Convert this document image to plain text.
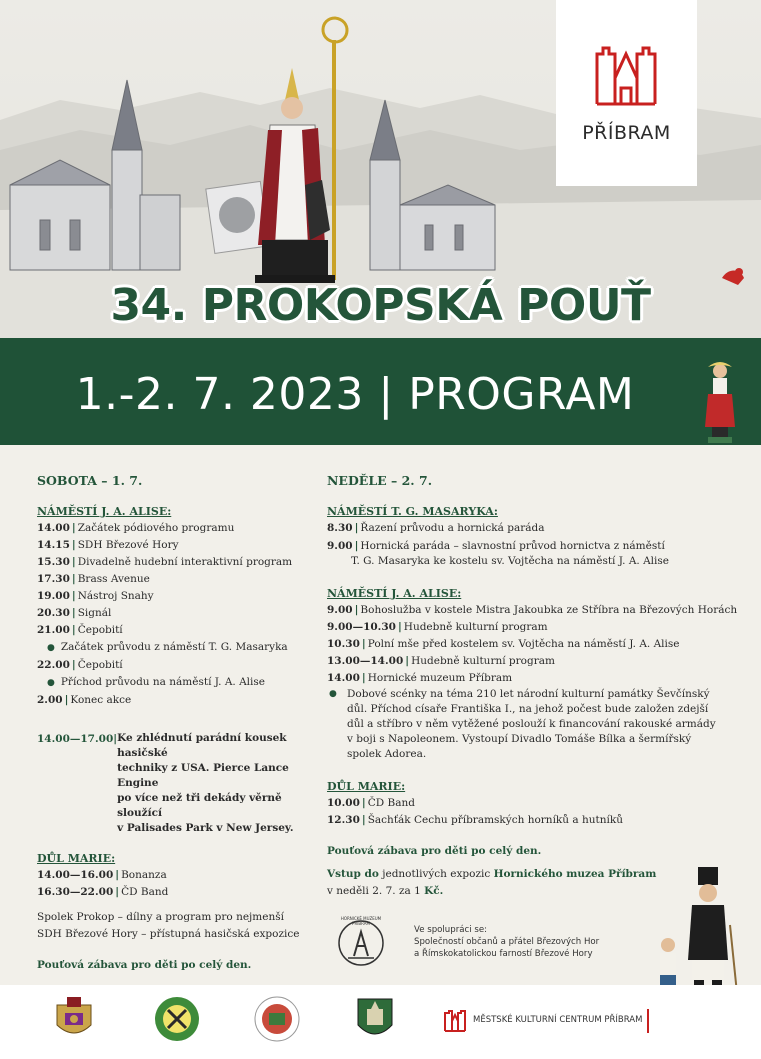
PŘÍBRAM
34. PROKOPSKÁ POUŤ
1.-2. 7. 2023 | PROGRAM
SOBOTA – 1. 7.
NÁMĚSTÍ J. A. ALISE:
14.00 | Začátek pódiového programu
14.15 | SDH Březové Hory
15.30 | Divadelně hudební interaktivní program
17.30 | Brass Avenue
19.00 | Nástroj Snahy
20.30 | Signál
21.00 | Čepobití
● Začátek průvodu z náměstí T. G. Masaryka
22.00 | Čepobití
● Příchod průvodu na náměstí J. A. Alise
2.00 | Konec akce
14.00—17.00| Ke zhlédnutí parádní kousek hasičské
techniky z USA. Pierce Lance Engine
po více než tři dekády věrně sloužící
v Palisades Park v New Jersey.
DŮL MARIE:
14.00—16.00 | Bonanza
16.30—22.00 | ČD Band
Spolek Prokop – dílny a program pro nejmenší
SDH Březové Hory – přístupná hasičská expozice
Pouťová zábava pro děti po celý den.
NEDĚLE – 2. 7.
NÁMĚSTÍ T. G. MASARYKA:
8.30 | Řazení průvodu a hornická paráda
9.00 | Hornická paráda – slavnostní průvod hornictva z náměstí
T. G. Masaryka ke kostelu sv. Vojtěcha na náměstí J. A. Alise
NÁMĚSTÍ J. A. ALISE:
9.00 | Bohoslužba v kostele Mistra Jakoubka ze Stříbra na Březových Horách
9.00—10.30 | Hudebně kulturní program
10.30 | Polní mše před kostelem sv. Vojtěcha na náměstí J. A. Alise
13.00—14.00 | Hudebně kulturní program
14.00 | Hornické muzeum Příbram
● Dobové scénky na téma 210 let národní kulturní památky Ševčínský
důl. Příchod císaře Františka I., na jehož počest bude založen zdejší
důl a stříbro v něm vytěžené poslouží k financování rakouské armády
v boji s Napoleonem. Vystoupí Divadlo Tomáše Bílka a šermířský
spolek Adorea.
DŮL MARIE:
10.00 | ČD Band
12.30 | Šachťák Cechu příbramských horníků a hutníků
Pouťová zábava pro děti po celý den.
Vstup do jednotlivých expozic Hornického muzea Příbram
v neděli 2. 7. za 1 Kč.
HORNICKÉ MUZEUM PŘÍBRAM
Ve spolupráci se:
Společností občanů a přátel Březových Hor
a Římskokatolickou farností Březové Hory
MĚSTSKÉ KULTURNÍ CENTRUM PŘÍBRAM
